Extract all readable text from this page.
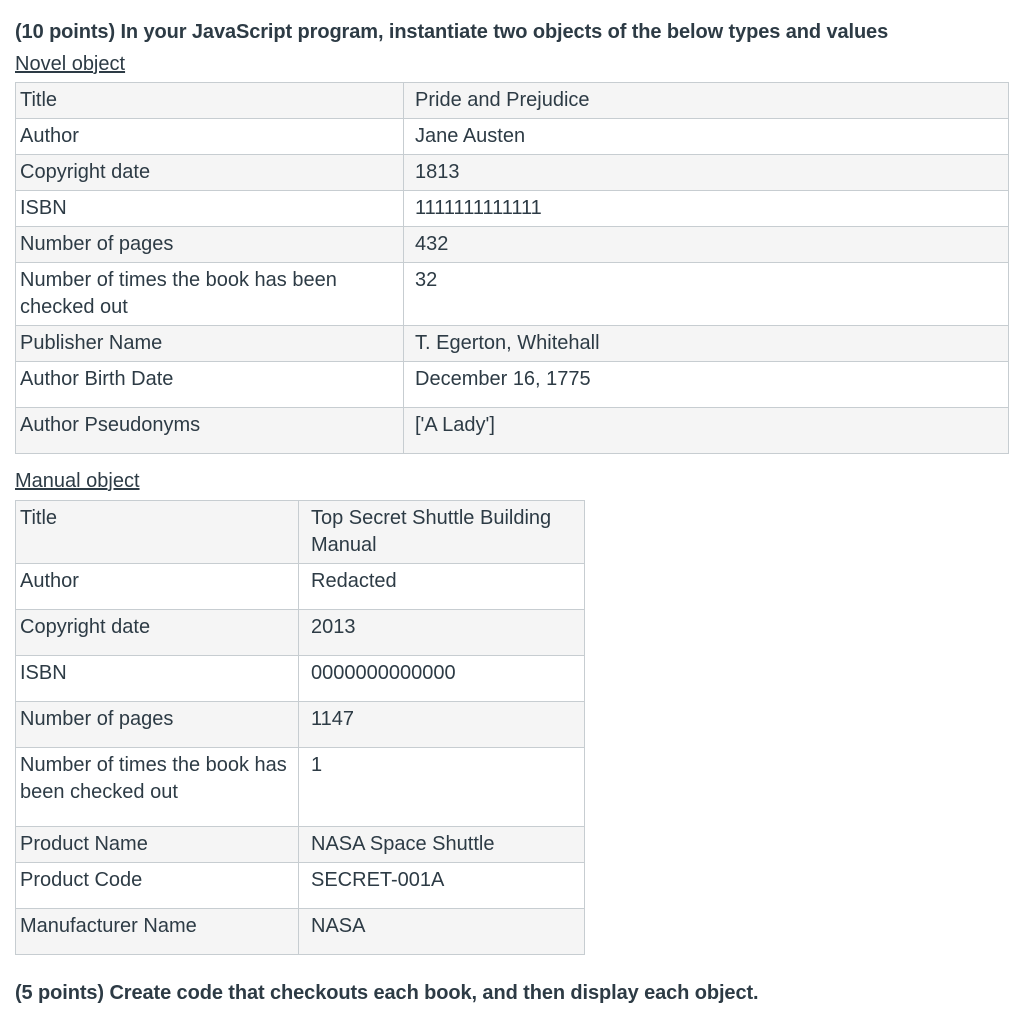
(10 points) In your JavaScript program, instantiate two objects of the below types and values
Novel object
Title	Pride and Prejudice
Author	Jane Austen
Copyright date	1813
ISBN	1111111111111
Number of pages	432
Number of times the book has been checked out	32
Publisher Name	T. Egerton, Whitehall
Author Birth Date	December 16, 1775
Author Pseudonyms	['A Lady']
Manual object
Title	Top Secret Shuttle Building Manual
Author	Redacted
Copyright date	2013
ISBN	0000000000000
Number of pages	1147
Number of times the book has been checked out	1
Product Name	NASA Space Shuttle
Product Code	SECRET-001A
Manufacturer Name	NASA
(5 points) Create code that checkouts each book, and then display each object.
